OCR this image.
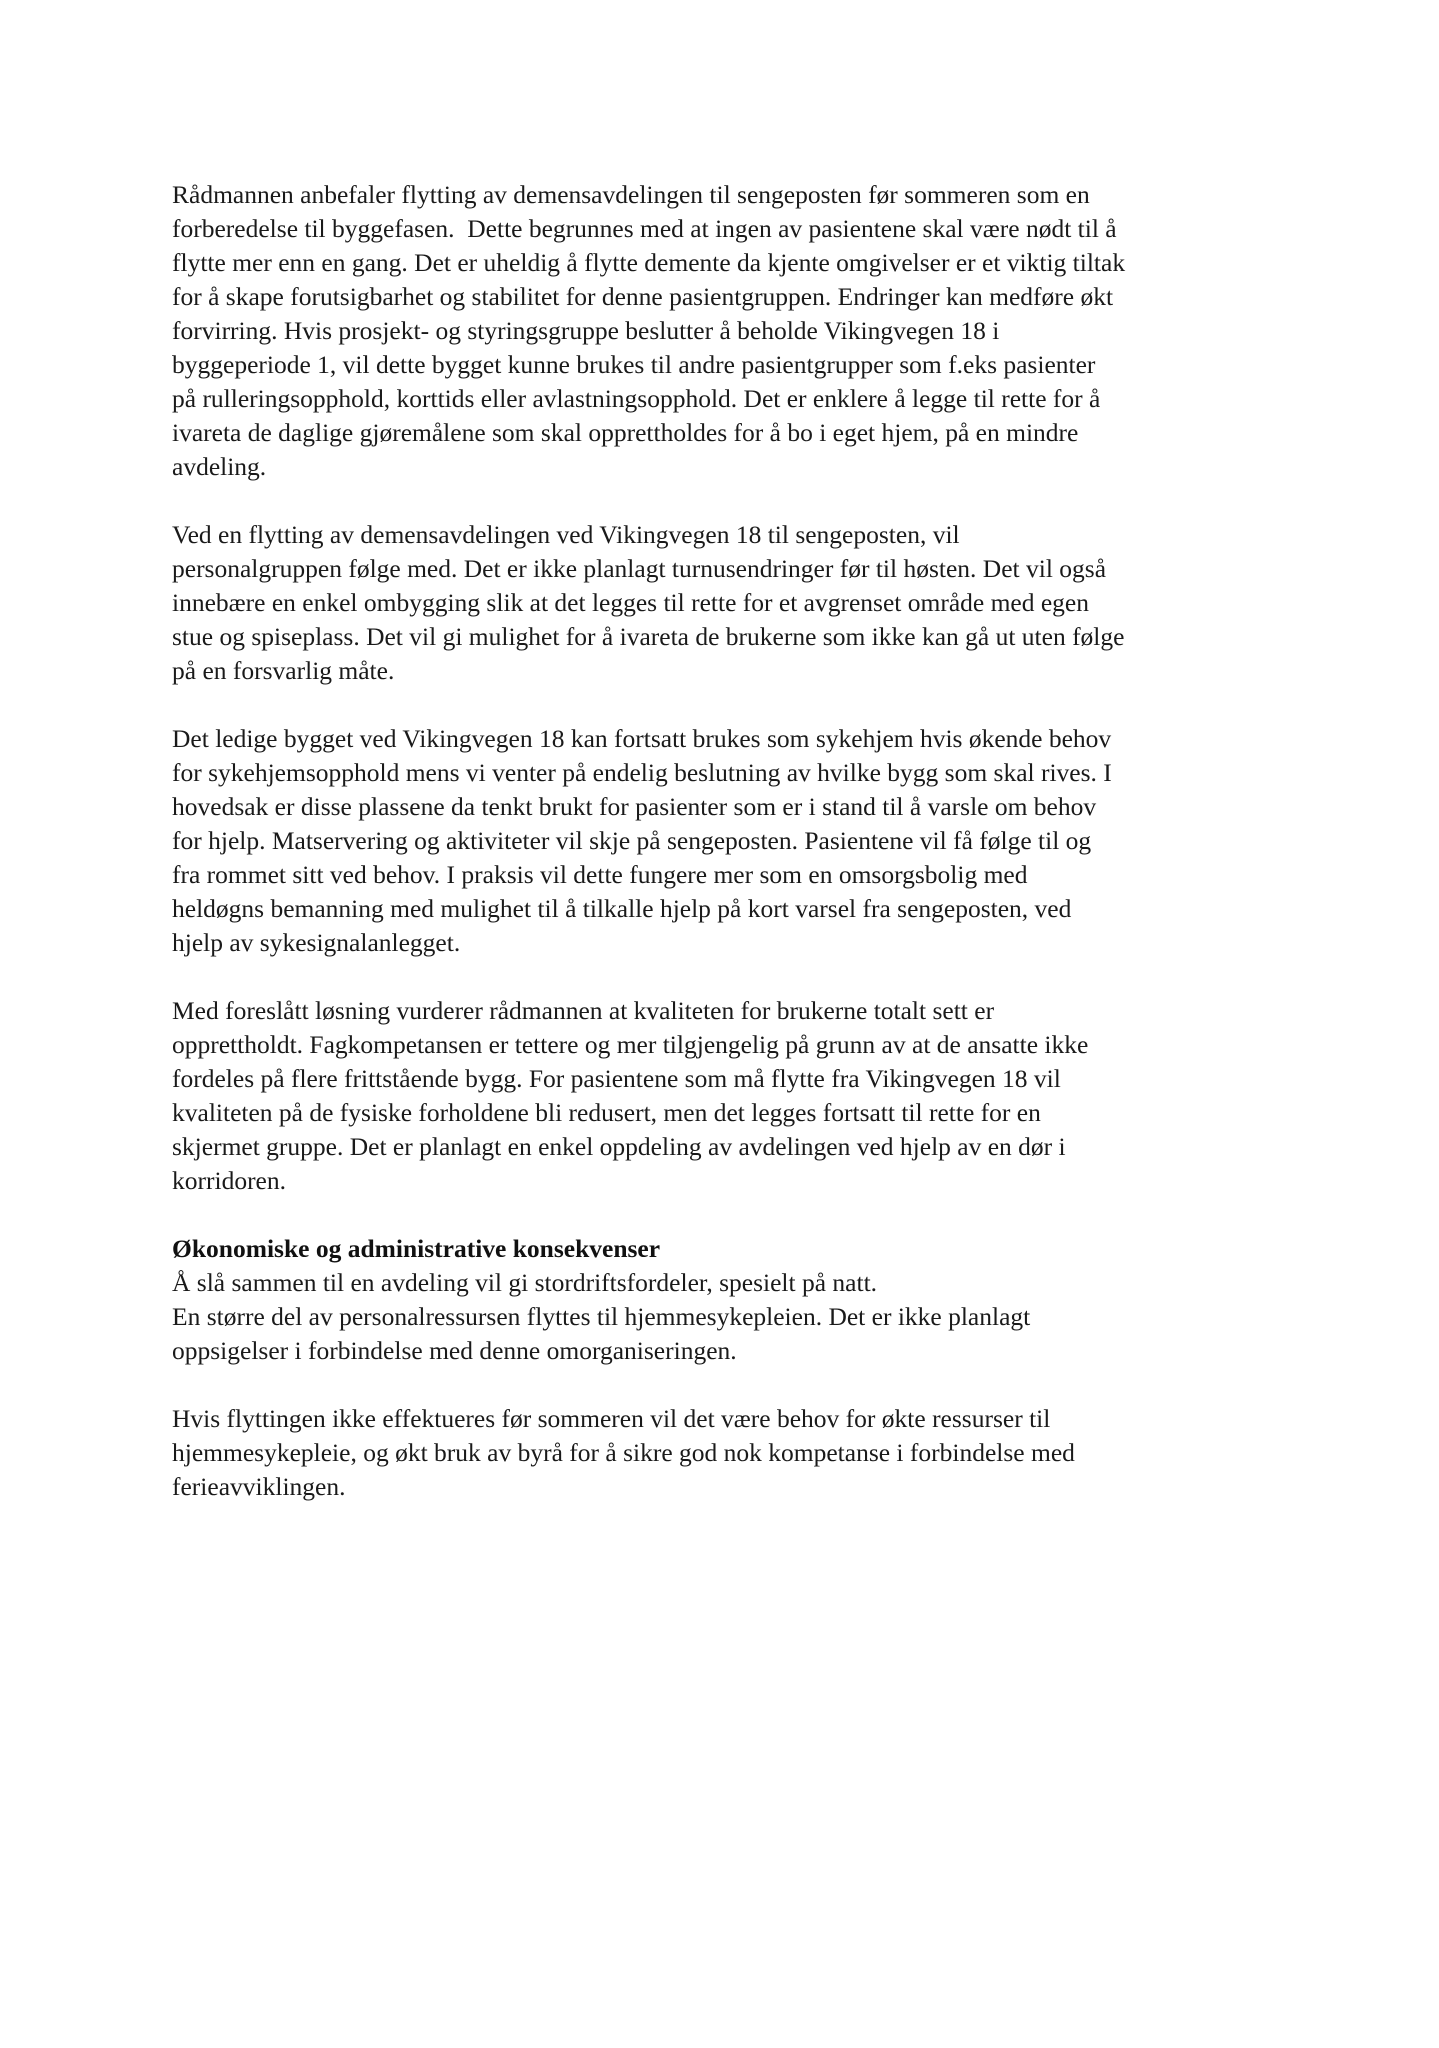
Rådmannen anbefaler flytting av demensavdelingen til sengeposten før sommeren som en
forberedelse til byggefasen.  Dette begrunnes med at ingen av pasientene skal være nødt til å
flytte mer enn en gang. Det er uheldig å flytte demente da kjente omgivelser er et viktig tiltak
for å skape forutsigbarhet og stabilitet for denne pasientgruppen. Endringer kan medføre økt
forvirring. Hvis prosjekt- og styringsgruppe beslutter å beholde Vikingvegen 18 i
byggeperiode 1, vil dette bygget kunne brukes til andre pasientgrupper som f.eks pasienter
på rulleringsopphold, korttids eller avlastningsopphold. Det er enklere å legge til rette for å
ivareta de daglige gjøremålene som skal opprettholdes for å bo i eget hjem, på en mindre
avdeling.
Ved en flytting av demensavdelingen ved Vikingvegen 18 til sengeposten, vil
personalgruppen følge med. Det er ikke planlagt turnusendringer før til høsten. Det vil også
innebære en enkel ombygging slik at det legges til rette for et avgrenset område med egen
stue og spiseplass. Det vil gi mulighet for å ivareta de brukerne som ikke kan gå ut uten følge
på en forsvarlig måte.
Det ledige bygget ved Vikingvegen 18 kan fortsatt brukes som sykehjem hvis økende behov
for sykehjemsopphold mens vi venter på endelig beslutning av hvilke bygg som skal rives. I
hovedsak er disse plassene da tenkt brukt for pasienter som er i stand til å varsle om behov
for hjelp. Matservering og aktiviteter vil skje på sengeposten. Pasientene vil få følge til og
fra rommet sitt ved behov. I praksis vil dette fungere mer som en omsorgsbolig med
heldøgns bemanning med mulighet til å tilkalle hjelp på kort varsel fra sengeposten, ved
hjelp av sykesignalanlegget.
Med foreslått løsning vurderer rådmannen at kvaliteten for brukerne totalt sett er
opprettholdt. Fagkompetansen er tettere og mer tilgjengelig på grunn av at de ansatte ikke
fordeles på flere frittstående bygg. For pasientene som må flytte fra Vikingvegen 18 vil
kvaliteten på de fysiske forholdene bli redusert, men det legges fortsatt til rette for en
skjermet gruppe. Det er planlagt en enkel oppdeling av avdelingen ved hjelp av en dør i
korridoren.
Økonomiske og administrative konsekvenser
Å slå sammen til en avdeling vil gi stordriftsfordeler, spesielt på natt.
En større del av personalressursen flyttes til hjemmesykepleien. Det er ikke planlagt
oppsigelser i forbindelse med denne omorganiseringen.
Hvis flyttingen ikke effektueres før sommeren vil det være behov for økte ressurser til
hjemmesykepleie, og økt bruk av byrå for å sikre god nok kompetanse i forbindelse med
ferieavviklingen.
